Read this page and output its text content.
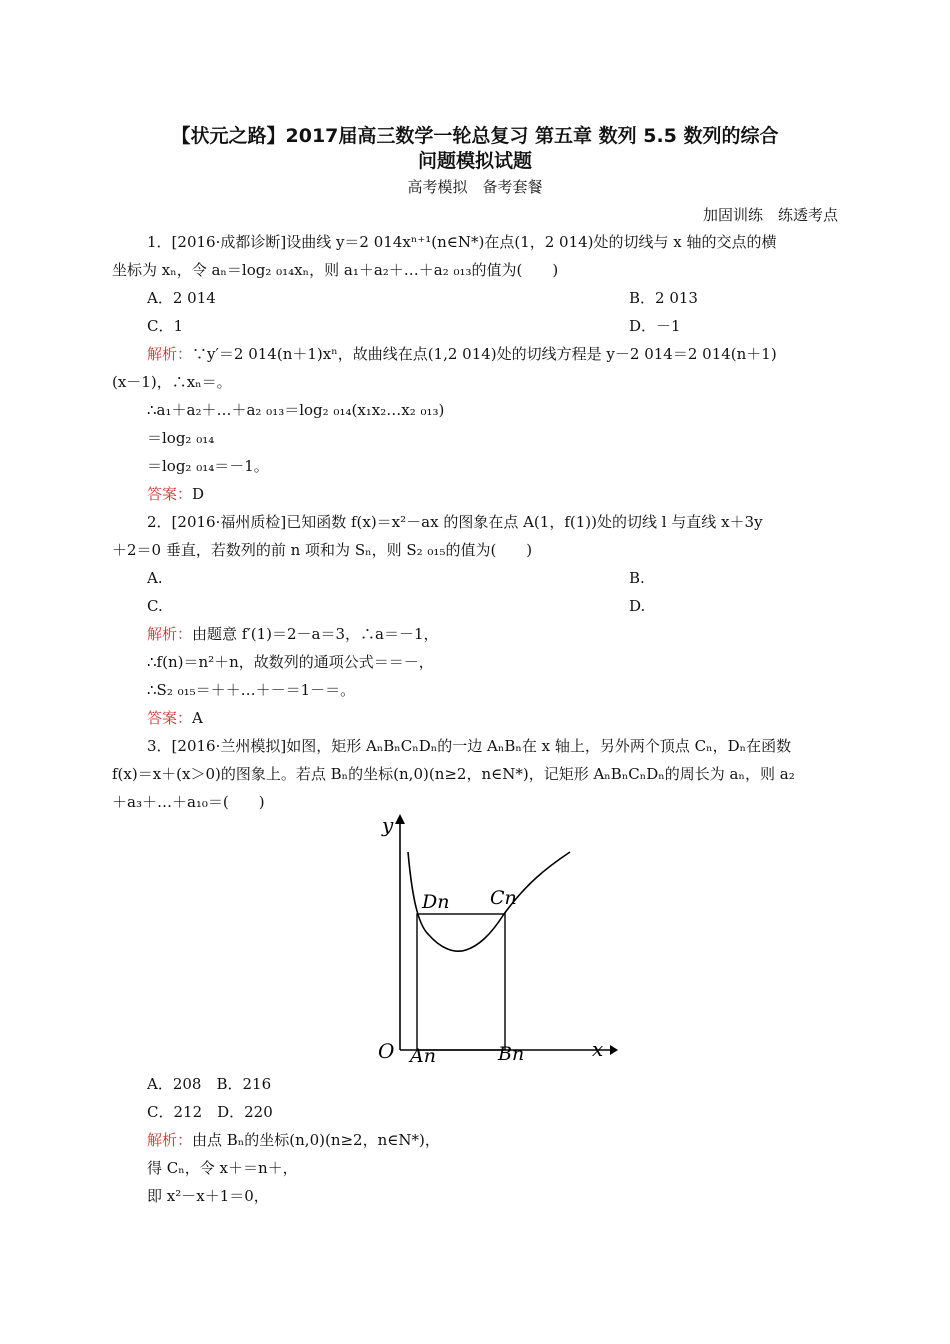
【状元之路】2017届高三数学一轮总复习 第五章 数列 5.5 数列的综合
问题模拟试题
高考模拟　备考套餐
加固训练　练透考点
1．[2016·成都诊断]设曲线 y＝2 014xⁿ⁺¹(n∈N*)在点(1，2 014)处的切线与 x 轴的交点的横
坐标为 xₙ，令 aₙ＝log₂ ₀₁₄xₙ，则 a₁＋a₂＋…＋a₂ ₀₁₃的值为(　　)
A．2 014	B．2 013
C．1	D．－1
解析：∵y′＝2 014(n＋1)xⁿ，故曲线在点(1,2 014)处的切线方程是 y－2 014＝2 014(n＋1)
(x－1)，∴xₙ＝。
∴a₁＋a₂＋…＋a₂ ₀₁₃＝log₂ ₀₁₄(x₁x₂…x₂ ₀₁₃)
＝log₂ ₀₁₄
＝log₂ ₀₁₄＝－1。
答案：D
2．[2016·福州质检]已知函数 f(x)＝x²－ax 的图象在点 A(1，f(1))处的切线 l 与直线 x＋3y
＋2＝0 垂直，若数列的前 n 项和为 Sₙ，则 S₂ ₀₁₅的值为(　　)
A.	B.
C.	D.
解析：由题意 f′(1)＝2－a＝3，∴a＝－1，
∴f(n)＝n²＋n，故数列的通项公式＝＝－，
∴S₂ ₀₁₅＝＋＋…＋－＝1－＝。
答案：A
3．[2016·兰州模拟]如图，矩形 AₙBₙCₙDₙ的一边 AₙBₙ在 x 轴上，另外两个顶点 Cₙ，Dₙ在函数
f(x)＝x＋(x＞0)的图象上。若点 Bₙ的坐标(n,0)(n≥2，n∈N*)，记矩形 AₙBₙCₙDₙ的周长为 aₙ，则 a₂
＋a₃＋…＋a₁₀＝(　　)
y
x
O
Dn Cn
An	Bn
A．208　B．216
C．212　D．220
解析：由点 Bₙ的坐标(n,0)(n≥2，n∈N*)，
得 Cₙ，令 x＋＝n＋，
即 x²－x＋1＝0，
